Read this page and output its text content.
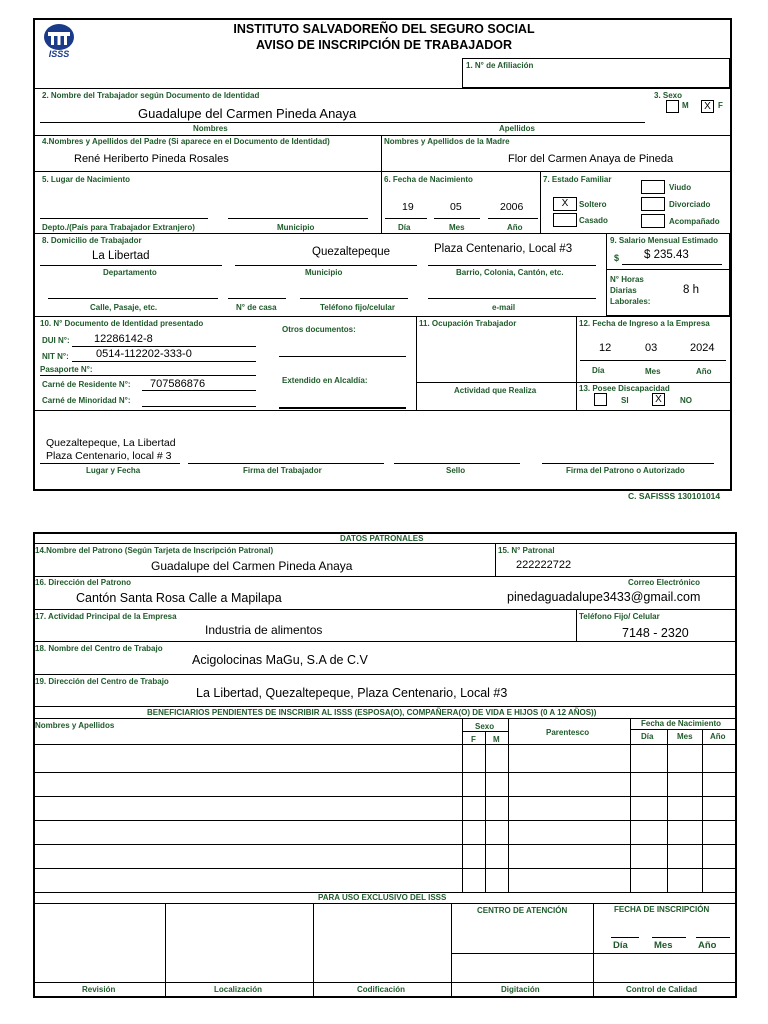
ISSS
INSTITUTO SALVADOREÑO DEL SEGURO SOCIAL
AVISO DE INSCRIPCIÓN DE TRABAJADOR
1. N° de Afiliación
2. Nombre del Trabajador según Documento de Identidad
Guadalupe del Carmen Pineda Anaya
Nombres	Apellidos
3. Sexo
M	X F
4.Nombres y Apellidos del Padre (Si aparece en el Documento de Identidad)
René Heriberto Pineda Rosales
Nombres y Apellidos de la Madre
Flor del Carmen Anaya de Pineda
5. Lugar de Nacimiento
Depto./(País para Trabajador Extranjero)	Municipio
6. Fecha de Nacimiento
19	05	2006
Día	Mes	Año
7. Estado Familiar
X	Soltero
Casado
Viudo
Divorciado
Acompañado
8. Domicilio de Trabajador
La Libertad	Quezaltepeque	Plaza Centenario, Local #3
Departamento	Municipio	Barrio, Colonia, Cantón, etc.
Calle, Pasaje, etc.	N° de casa	Teléfono fijo/celular	e-mail
9. Salario Mensual Estimado
$ $ 235.43
N° Horas
Diarias
Laborales:
8 h
10. N° Documento de Identidad presentado
DUI N°: 12286142-8
NIT N°: 0514-112202-333-0
Pasaporte N°:
Carné de Residente N°: 707586876
Carné de Minoridad N°:
Otros documentos:
Extendido en Alcaldía:
11. Ocupación Trabajador
Actividad que Realiza
12. Fecha de Ingreso a la Empresa
12	03	2024
Día	Mes	Año
13. Posee Discapacidad
SI	X	NO
Quezaltepeque, La Libertad
Plaza Centenario, local # 3
Lugar y Fecha	Firma del Trabajador	Sello	Firma del Patrono o Autorizado
C. SAFISSS 130101014
DATOS PATRONALES
14.Nombre del Patrono (Según Tarjeta de Inscripción Patronal)
Guadalupe del Carmen Pineda Anaya
15. N° Patronal
222222722
16. Dirección del Patrono
Cantón Santa Rosa Calle a Mapilapa
Correo Electrónico
pinedaguadalupe3433@gmail.com
17. Actividad Principal de la Empresa
Industria de alimentos
Teléfono Fijo/ Celular
7148 - 2320
18. Nombre del Centro de Trabajo
Acigolocinas MaGu, S.A de C.V
19. Dirección del Centro de Trabajo
La Libertad, Quezaltepeque, Plaza Centenario, Local #3
BENEFICIARIOS PENDIENTES DE INSCRIBIR AL ISSS (ESPOSA(O), COMPAÑERA(O) DE VIDA E HIJOS (0 A 12 AÑOS))
Nombres y Apellidos	Sexo
F M
Parentesco
Fecha de Nacimiento
Día	Mes Año
PARA USO EXCLUSIVO DEL ISSS
CENTRO DE ATENCIÓN	FECHA DE INSCRIPCIÓN
Día	Mes	Año
Revisión	Localización	Codificación	Digitación	Control de Calidad
